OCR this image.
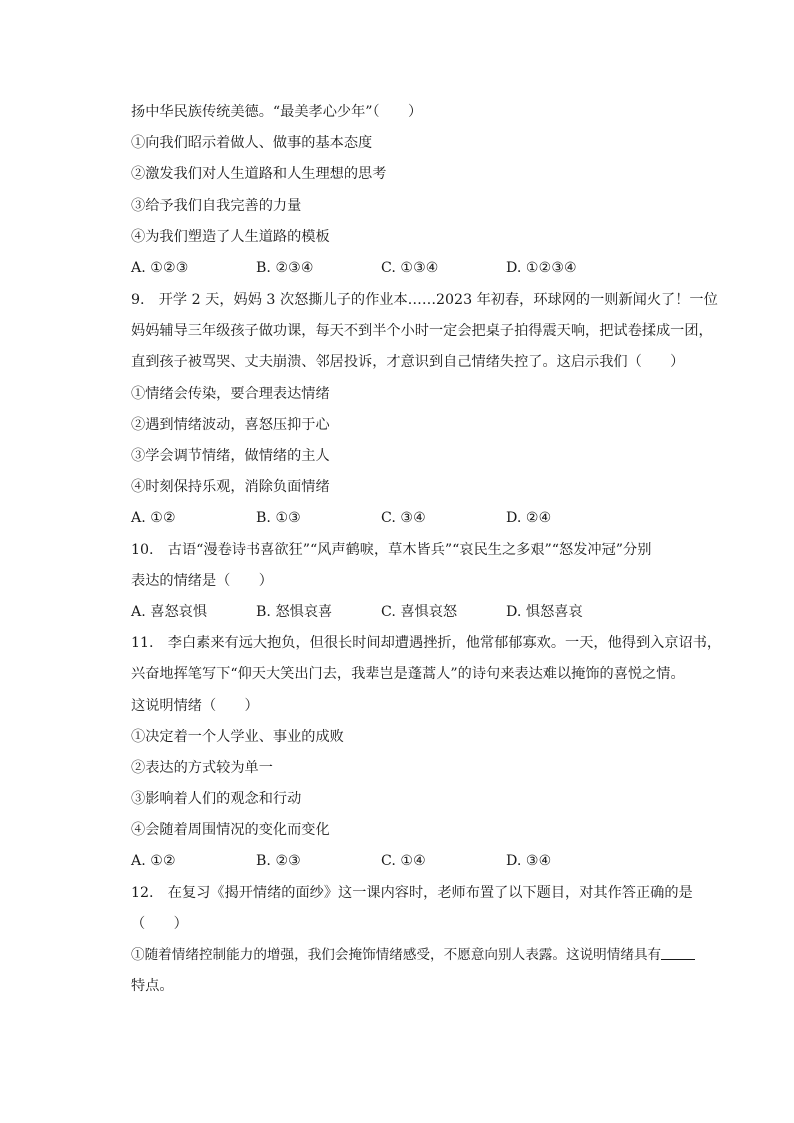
扬中华民族传统美德。“最美孝心少年”（　　）
①向我们昭示着做人、做事的基本态度
②激发我们对人生道路和人生理想的思考
③给予我们自我完善的力量
④为我们塑造了人生道路的模板
A. ①②③	B. ②③④	C. ①③④	D. ①②③④
9.　开学 2 天，妈妈 3 次怒撕儿子的作业本……2023 年初春，环球网的一则新闻火了！一位
妈妈辅导三年级孩子做功课，每天不到半个小时一定会把桌子拍得震天响，把试卷揉成一团，
直到孩子被骂哭、丈夫崩溃、邻居投诉，才意识到自己情绪失控了。这启示我们（　　）
①情绪会传染，要合理表达情绪
②遇到情绪波动，喜怒压抑于心
③学会调节情绪，做情绪的主人
④时刻保持乐观，消除负面情绪
A. ①②	B. ①③	C. ③④	D. ②④
10.　古语“漫卷诗书喜欲狂”“风声鹤唳，草木皆兵”“哀民生之多艰”“怒发冲冠”分别
表达的情绪是（　　）
A. 喜怒哀惧	B. 怒惧哀喜	C. 喜惧哀怒	D. 惧怒喜哀
11.　李白素来有远大抱负，但很长时间却遭遇挫折，他常郁郁寡欢。一天，他得到入京诏书，
兴奋地挥笔写下“仰天大笑出门去，我辈岂是蓬蒿人”的诗句来表达难以掩饰的喜悦之情。
这说明情绪（　　）
①决定着一个人学业、事业的成败
②表达的方式较为单一
③影响着人们的观念和行动
④会随着周围情况的变化而变化
A. ①②	B. ②③	C. ①④	D. ③④
12.　在复习《揭开情绪的面纱》这一课内容时，老师布置了以下题目，对其作答正确的是
（　　）
①随着情绪控制能力的增强，我们会掩饰情绪感受，不愿意向别人表露。这说明情绪具有
特点。
